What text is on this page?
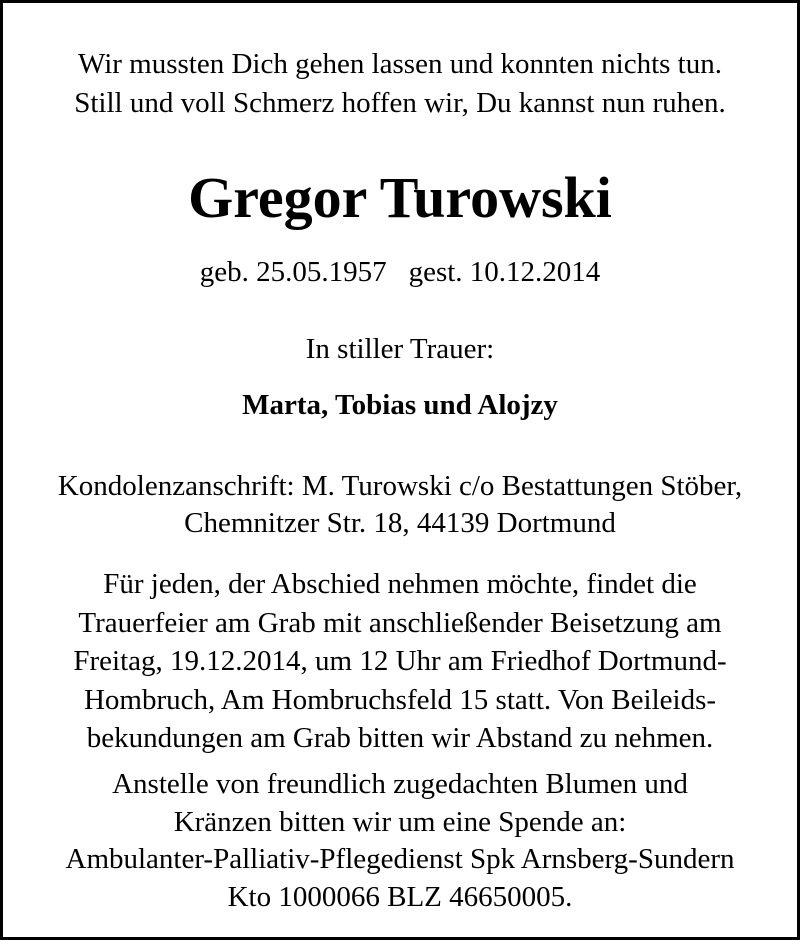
Wir mussten Dich gehen lassen und konnten nichts tun.
Still und voll Schmerz hoffen wir, Du kannst nun ruhen.

Gregor Turowski

geb. 25.05.1957 gest. 10.12.2014

In stiller Trauer:

Marta, Tobias und Alojzy

Kondolenzanschrift: M. Turowski c/o Bestattungen Stöber,
Chemnitzer Str. 18, 44139 Dortmund

Für jeden, der Abschied nehmen möchte, findet die
Trauerfeier am Grab mit anschließender Beisetzung am
Freitag, 19.12.2014, um 12 Uhr am Friedhof Dortmund-
Hombruch, Am Hombruchsfeld 15 statt. Von Beileids-
bekundungen am Grab bitten wir Abstand zu nehmen.

Anstelle von freundlich zugedachten Blumen und
Kränzen bitten wir um eine Spende an:
Ambulanter-Palliativ-Pflegedienst Spk Arnsberg-Sundern
Kto 1000066 BLZ 46650005.
